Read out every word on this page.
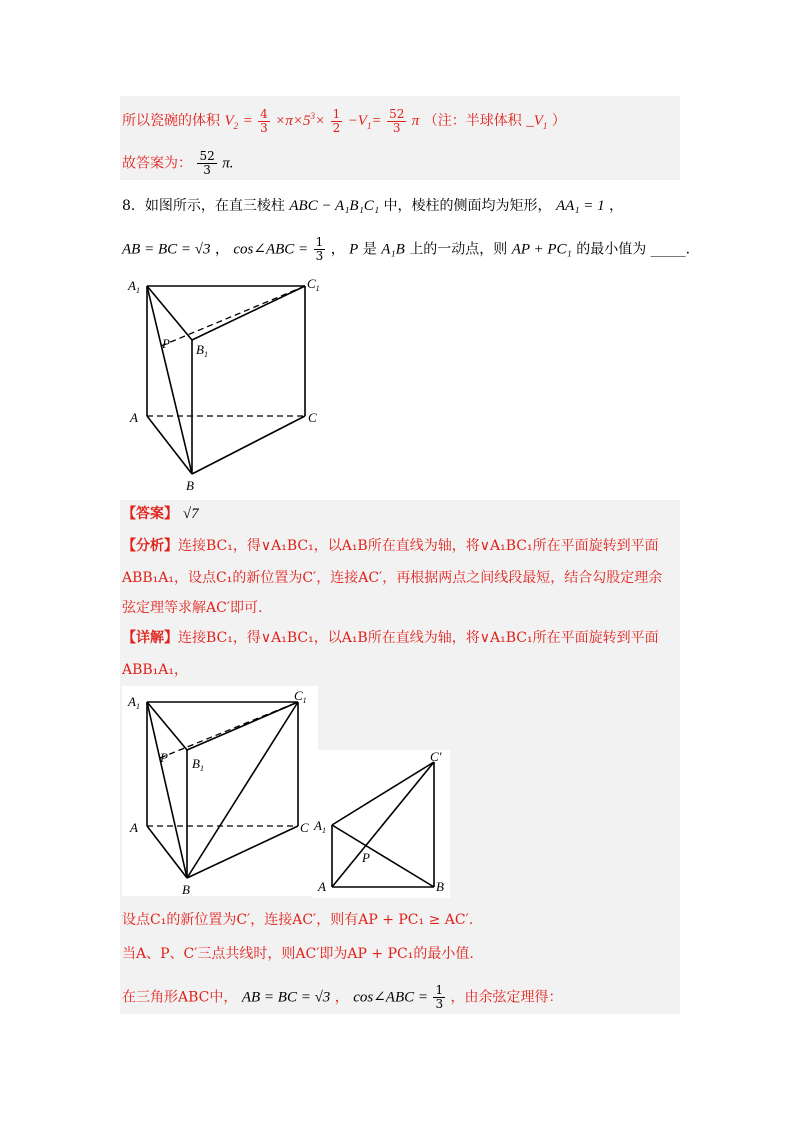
所以瓷碗的体积 $V_2 = \frac{4}{3} \times\pi\times 5^3\times \frac{1}{2} -V_1= \frac{52}{3}$ π （注：半球体积 $\_V_1$ ）
故答案为： $\frac{52}{3} \pi$.
8．如图所示，在直三棱柱 ABC − A₁B₁C₁ 中，棱柱的侧面均为矩形， AA₁ = 1 ，
AB = BC = √3 ， cos∠ABC = $\frac{1}{3}$ ， P 是 A₁B 上的一动点，则 AP + PC₁ 的最小值为 _____.
$A_1$	$C_1$
$B_1$
P
A	C
B
【答案】 √7
【分析】连接BC₁，得∨A₁BC₁，以A₁B所在直线为轴，将∨A₁BC₁所在平面旋转到平面
ABB₁A₁，设点C₁的新位置为C′，连接AC′，再根据两点之间线段最短，结合勾股定理余
弦定理等求解AC′即可.
【详解】连接BC₁，得∨A₁BC₁，以A₁B所在直线为轴，将∨A₁BC₁所在平面旋转到平面
ABB₁A₁，
$A_1$
$C_1$
$B_1$
P
A	C
B
C′
$A_1$
P
A	B
设点C₁的新位置为C′，连接AC′，则有AP + PC₁ ≥ AC′.
当A、P、C′三点共线时，则AC′即为AP + PC₁的最小值.
在三角形ABC中， AB = BC = √3 ， cos∠ABC = $\frac{1}{3}$ ，由余弦定理得：
